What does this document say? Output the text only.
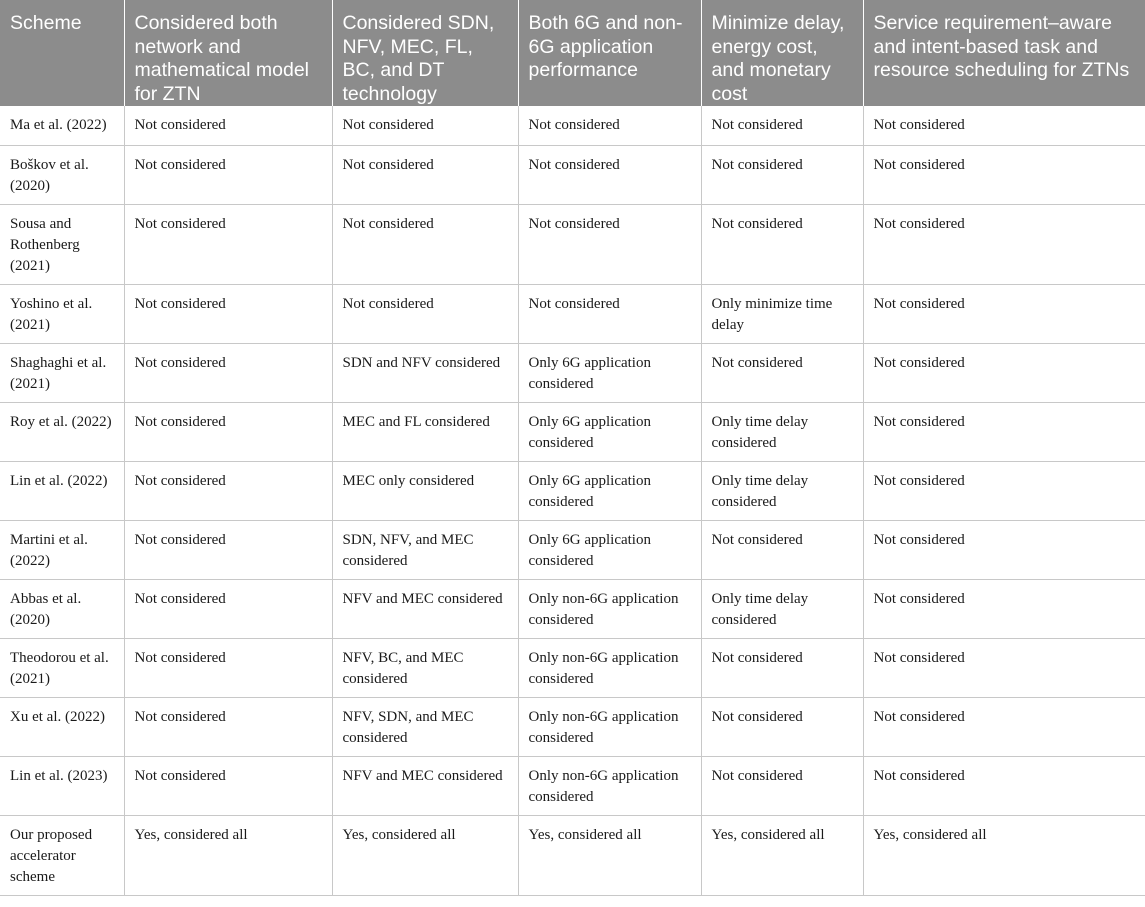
Scheme	Considered both network and mathematical model for ZTN	Considered SDN, NFV, MEC, FL, BC, and DT technology	Both 6G and non-6G application performance	Minimize delay, energy cost, and monetary cost	Service requirement–aware and intent-based task and resource scheduling for ZTNs
Ma et al. (2022)	Not considered	Not considered	Not considered	Not considered	Not considered
Boškov et al. (2020)	Not considered	Not considered	Not considered	Not considered	Not considered
Sousa and Rothenberg (2021)	Not considered	Not considered	Not considered	Not considered	Not considered
Yoshino et al. (2021)	Not considered	Not considered	Not considered	Only minimize time delay	Not considered
Shaghaghi et al. (2021)	Not considered	SDN and NFV considered	Only 6G application considered	Not considered	Not considered
Roy et al. (2022)	Not considered	MEC and FL considered	Only 6G application considered	Only time delay considered	Not considered
Lin et al. (2022)	Not considered	MEC only considered	Only 6G application considered	Only time delay considered	Not considered
Martini et al. (2022)	Not considered	SDN, NFV, and MEC considered	Only 6G application considered	Not considered	Not considered
Abbas et al. (2020)	Not considered	NFV and MEC considered	Only non-6G application considered	Only time delay considered	Not considered
Theodorou et al. (2021)	Not considered	NFV, BC, and MEC considered	Only non-6G application considered	Not considered	Not considered
Xu et al. (2022)	Not considered	NFV, SDN, and MEC considered	Only non-6G application considered	Not considered	Not considered
Lin et al. (2023)	Not considered	NFV and MEC considered	Only non-6G application considered	Not considered	Not considered
Our proposed accelerator scheme	Yes, considered all	Yes, considered all	Yes, considered all	Yes, considered all	Yes, considered all
